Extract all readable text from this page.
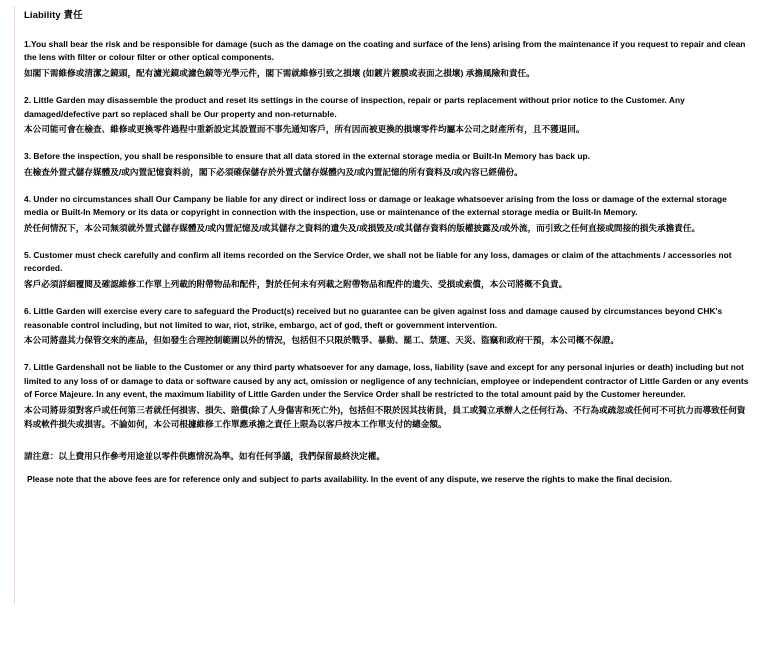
Liability 責任

1.You shall bear the risk and be responsible for damage (such as the damage on the coating and surface of the lens) arising from the maintenance if you request to repair and clean the lens with filter or colour filter or other optical components.

如閣下需維修或清潔之鏡頭，配有濾光鏡或濾色鏡等光學元件，閣下需就維修引致之損壞 (如鍍片鍍膜或表面之損壞) 承擔風險和責任。

2. Little Garden may disassemble the product and reset its settings in the course of inspection, repair or parts replacement without prior notice to the Customer. Any damaged/defective part so replaced shall be Our property and non-returnable.

本公司能可會在檢查、維修或更換零件過程中重新設定其設置而不事先通知客戶，所有因而被更換的損壞零件均屬本公司之財產所有，且不獲退回。

3. Before the inspection, you shall be responsible to ensure that all data stored in the external storage media or Built-In Memory has back up.

在檢查外置式儲存媒體及/或內置記憶資料前，閣下必須確保儲存於外置式儲存媒體內及/或內置記憶的所有資料及/或內容已經備份。

4. Under no circumstances shall Our Campany be liable for any direct or indirect loss or damage or leakage whatsoever arising from the loss or damage of the external storage media or Built-In Memory or its data or copyright in connection with the inspection, use or maintenance of the external storage media or Built-In Memory.

於任何情況下，本公司無須就外置式儲存媒體及/或內置記憶及/或其儲存之資料的遺失及/或損毀及/或其儲存資料的版權披露及/或外流，而引致之任何直接或間接的損失承擔責任。

5. Customer must check carefully and confirm all items recorded on the Service Order, we shall not be liable for any loss, damages or claim of the attachments / accessories not recorded.

客戶必須詳細覆閱及確認維修工作單上列載的附帶物品和配件，對於任何未有列載之附帶物品和配件的遺失、受損或索償，本公司將概不負責。

6. Little Garden will exercise every care to safeguard the Product(s) received but no guarantee can be given against loss and damage caused by circumstances beyond CHK's reasonable control including, but not limited to war, riot, strike, embargo, act of god, theft or government intervention.

本公司將盡其力保管交來的產品，但如發生合理控制範圍以外的情況，包括但不只限於戰爭、暴動、罷工、禁運、天災、盜竊和政府干預，本公司概不保證。

7. Little Gardenshall not be liable to the Customer or any third party whatsoever for any damage, loss, liability (save and except for any personal injuries or death) including but not limited to any loss of or damage to data or software caused by any act, omission or negligence of any technician, employee or independent contractor of Little Garden or any events of Force Majeure. In any event, the maximum liability of Little Garden under the Service Order shall be restricted to the total amount paid by the Customer hereunder.

本公司將毋須對客戶或任何第三者就任何損害、損失、賠償(除了人身傷害和死亡外)，包括但不限於因其技術員，員工或獨立承辦人之任何行為、不行為或疏忽或任何可不可抗力而導致任何資料或軟件損失或損害。不論如何，本公司根據維修工作單應承擔之責任上限為以客戶按本工作單支付的總金額。

請注意：以上費用只作參考用途並以零件供應情況為準。如有任何爭議，我們保留最終決定權。

Please note that the above fees are for reference only and subject to parts availability. In the event of any dispute, we reserve the rights to make the final decision.
